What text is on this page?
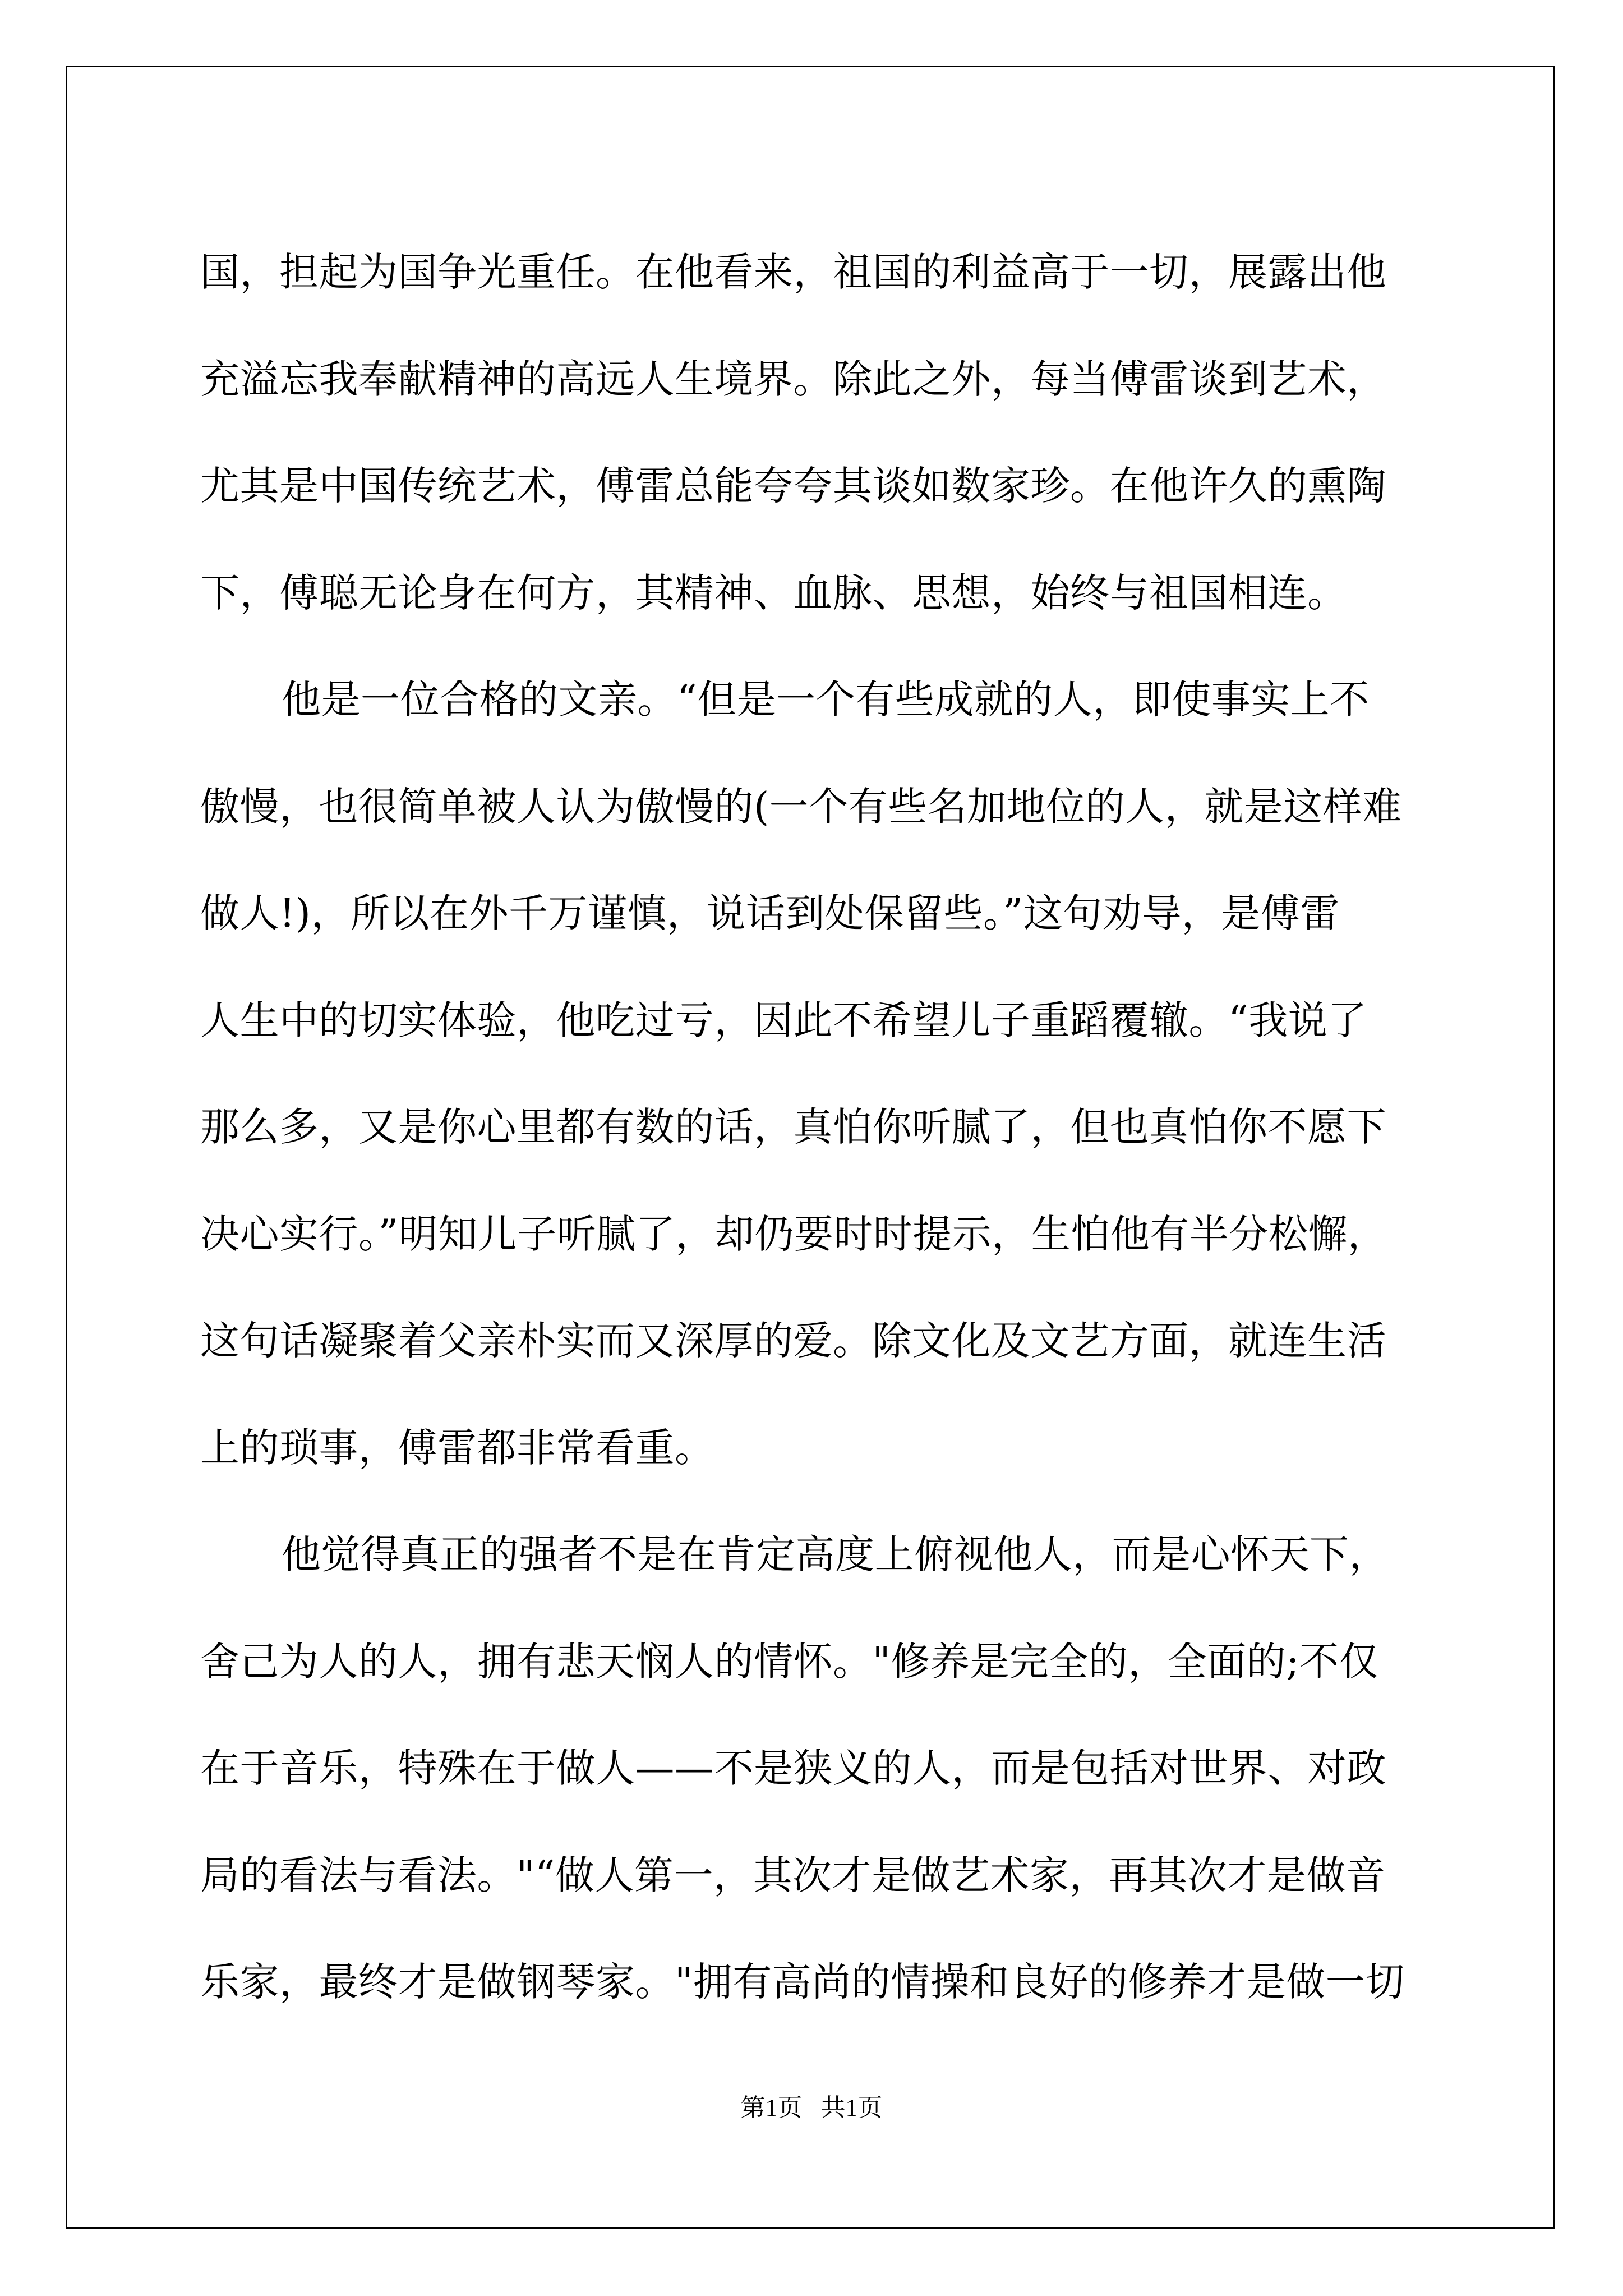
国，担起为国争光重任。在他看来，祖国的利益高于一切，展露出他
充溢忘我奉献精神的高远人生境界。除此之外，每当傅雷谈到艺术，
尤其是中国传统艺术，傅雷总能夸夸其谈如数家珍。在他许久的熏陶
下，傅聪无论身在何方，其精神、血脉、思想，始终与祖国相连。
他是一位合格的文亲。“但是一个有些成就的人，即使事实上不
傲慢，也很简单被人认为傲慢的(一个有些名加地位的人，就是这样难
做人!)，所以在外千万谨慎，说话到处保留些。”这句劝导，是傅雷
人生中的切实体验，他吃过亏，因此不希望儿子重蹈覆辙。“我说了
那么多，又是你心里都有数的话，真怕你听腻了，但也真怕你不愿下
决心实行。”明知儿子听腻了，却仍要时时提示，生怕他有半分松懈，
这句话凝聚着父亲朴实而又深厚的爱。除文化及文艺方面，就连生活
上的琐事，傅雷都非常看重。
他觉得真正的强者不是在肯定高度上俯视他人，而是心怀天下，
舍己为人的人，拥有悲天悯人的情怀。"修养是完全的，全面的;不仅
在于音乐，特殊在于做人——不是狭义的人，而是包括对世界、对政
局的看法与看法。"“做人第一，其次才是做艺术家，再其次才是做音
乐家，最终才是做钢琴家。"拥有高尚的情操和良好的修养才是做一切
第1页   共1页
